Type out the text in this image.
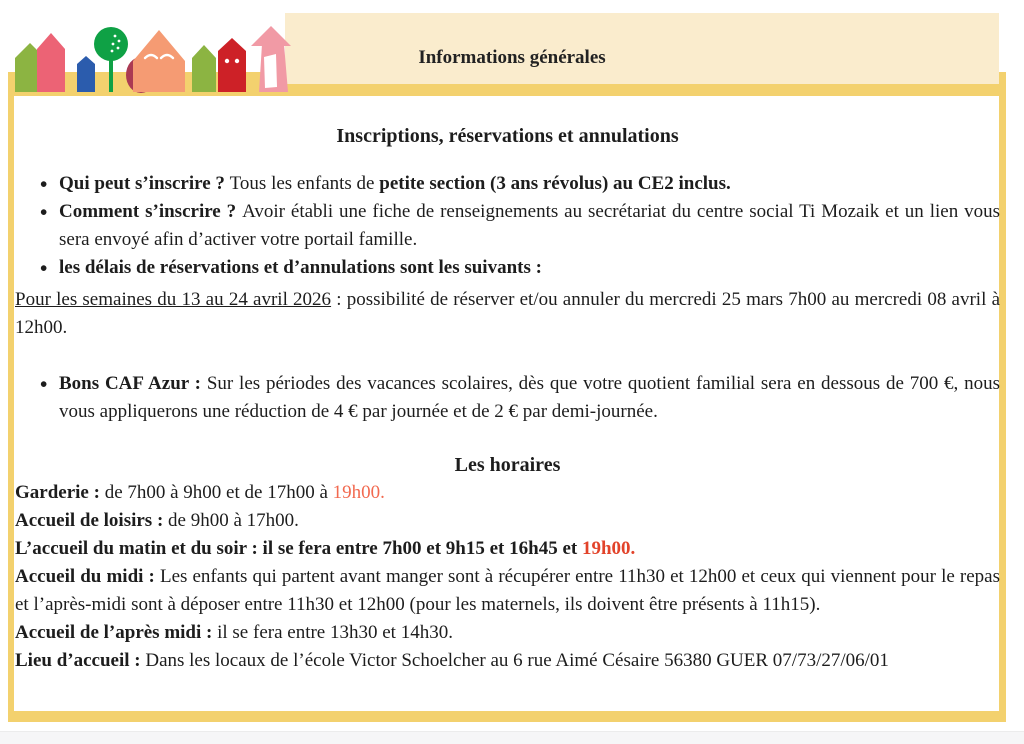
Inscriptions, réservations et annulations
• Qui peut s’inscrire ? Tous les enfants de petite section (3 ans révolus) au CE2 inclus.
• Comment s’inscrire ? Avoir établi une fiche de renseignements au secrétariat du centre social Ti Mozaik et un lien vous sera envoyé afin d’activer votre portail famille.
• les délais de réservations et d’annulations sont les suivants :

Pour les semaines du 13 au 24 avril 2026 : possibilité de réserver et/ou annuler du mercredi 25 mars 7h00 au mercredi 08 avril à 12h00.

• Bons CAF Azur : Sur les périodes des vacances scolaires, dès que votre quotient familial sera en dessous de 700 €, nous vous appliquerons une réduction de 4 € par journée et de 2 € par demi-journée.
Les horaires

Garderie : de 7h00 à 9h00 et de 17h00 à 19h00.

Accueil de loisirs : de 9h00 à 17h00.

L’accueil du matin et du soir : il se fera entre 7h00 et 9h15 et 16h45 et 19h00.

Accueil du midi : Les enfants qui partent avant manger sont à récupérer entre 11h30 et 12h00 et ceux qui viennent pour le repas et l’après-midi sont à déposer entre 11h30 et 12h00 (pour les maternels, ils doivent être présents à 11h15).

Accueil de l’après midi : il se fera entre 13h30 et 14h30.

Lieu d’accueil : Dans les locaux de l’école Victor Schoelcher au 6 rue Aimé Césaire 56380 GUER 07/73/27/06/01

Informations générales
